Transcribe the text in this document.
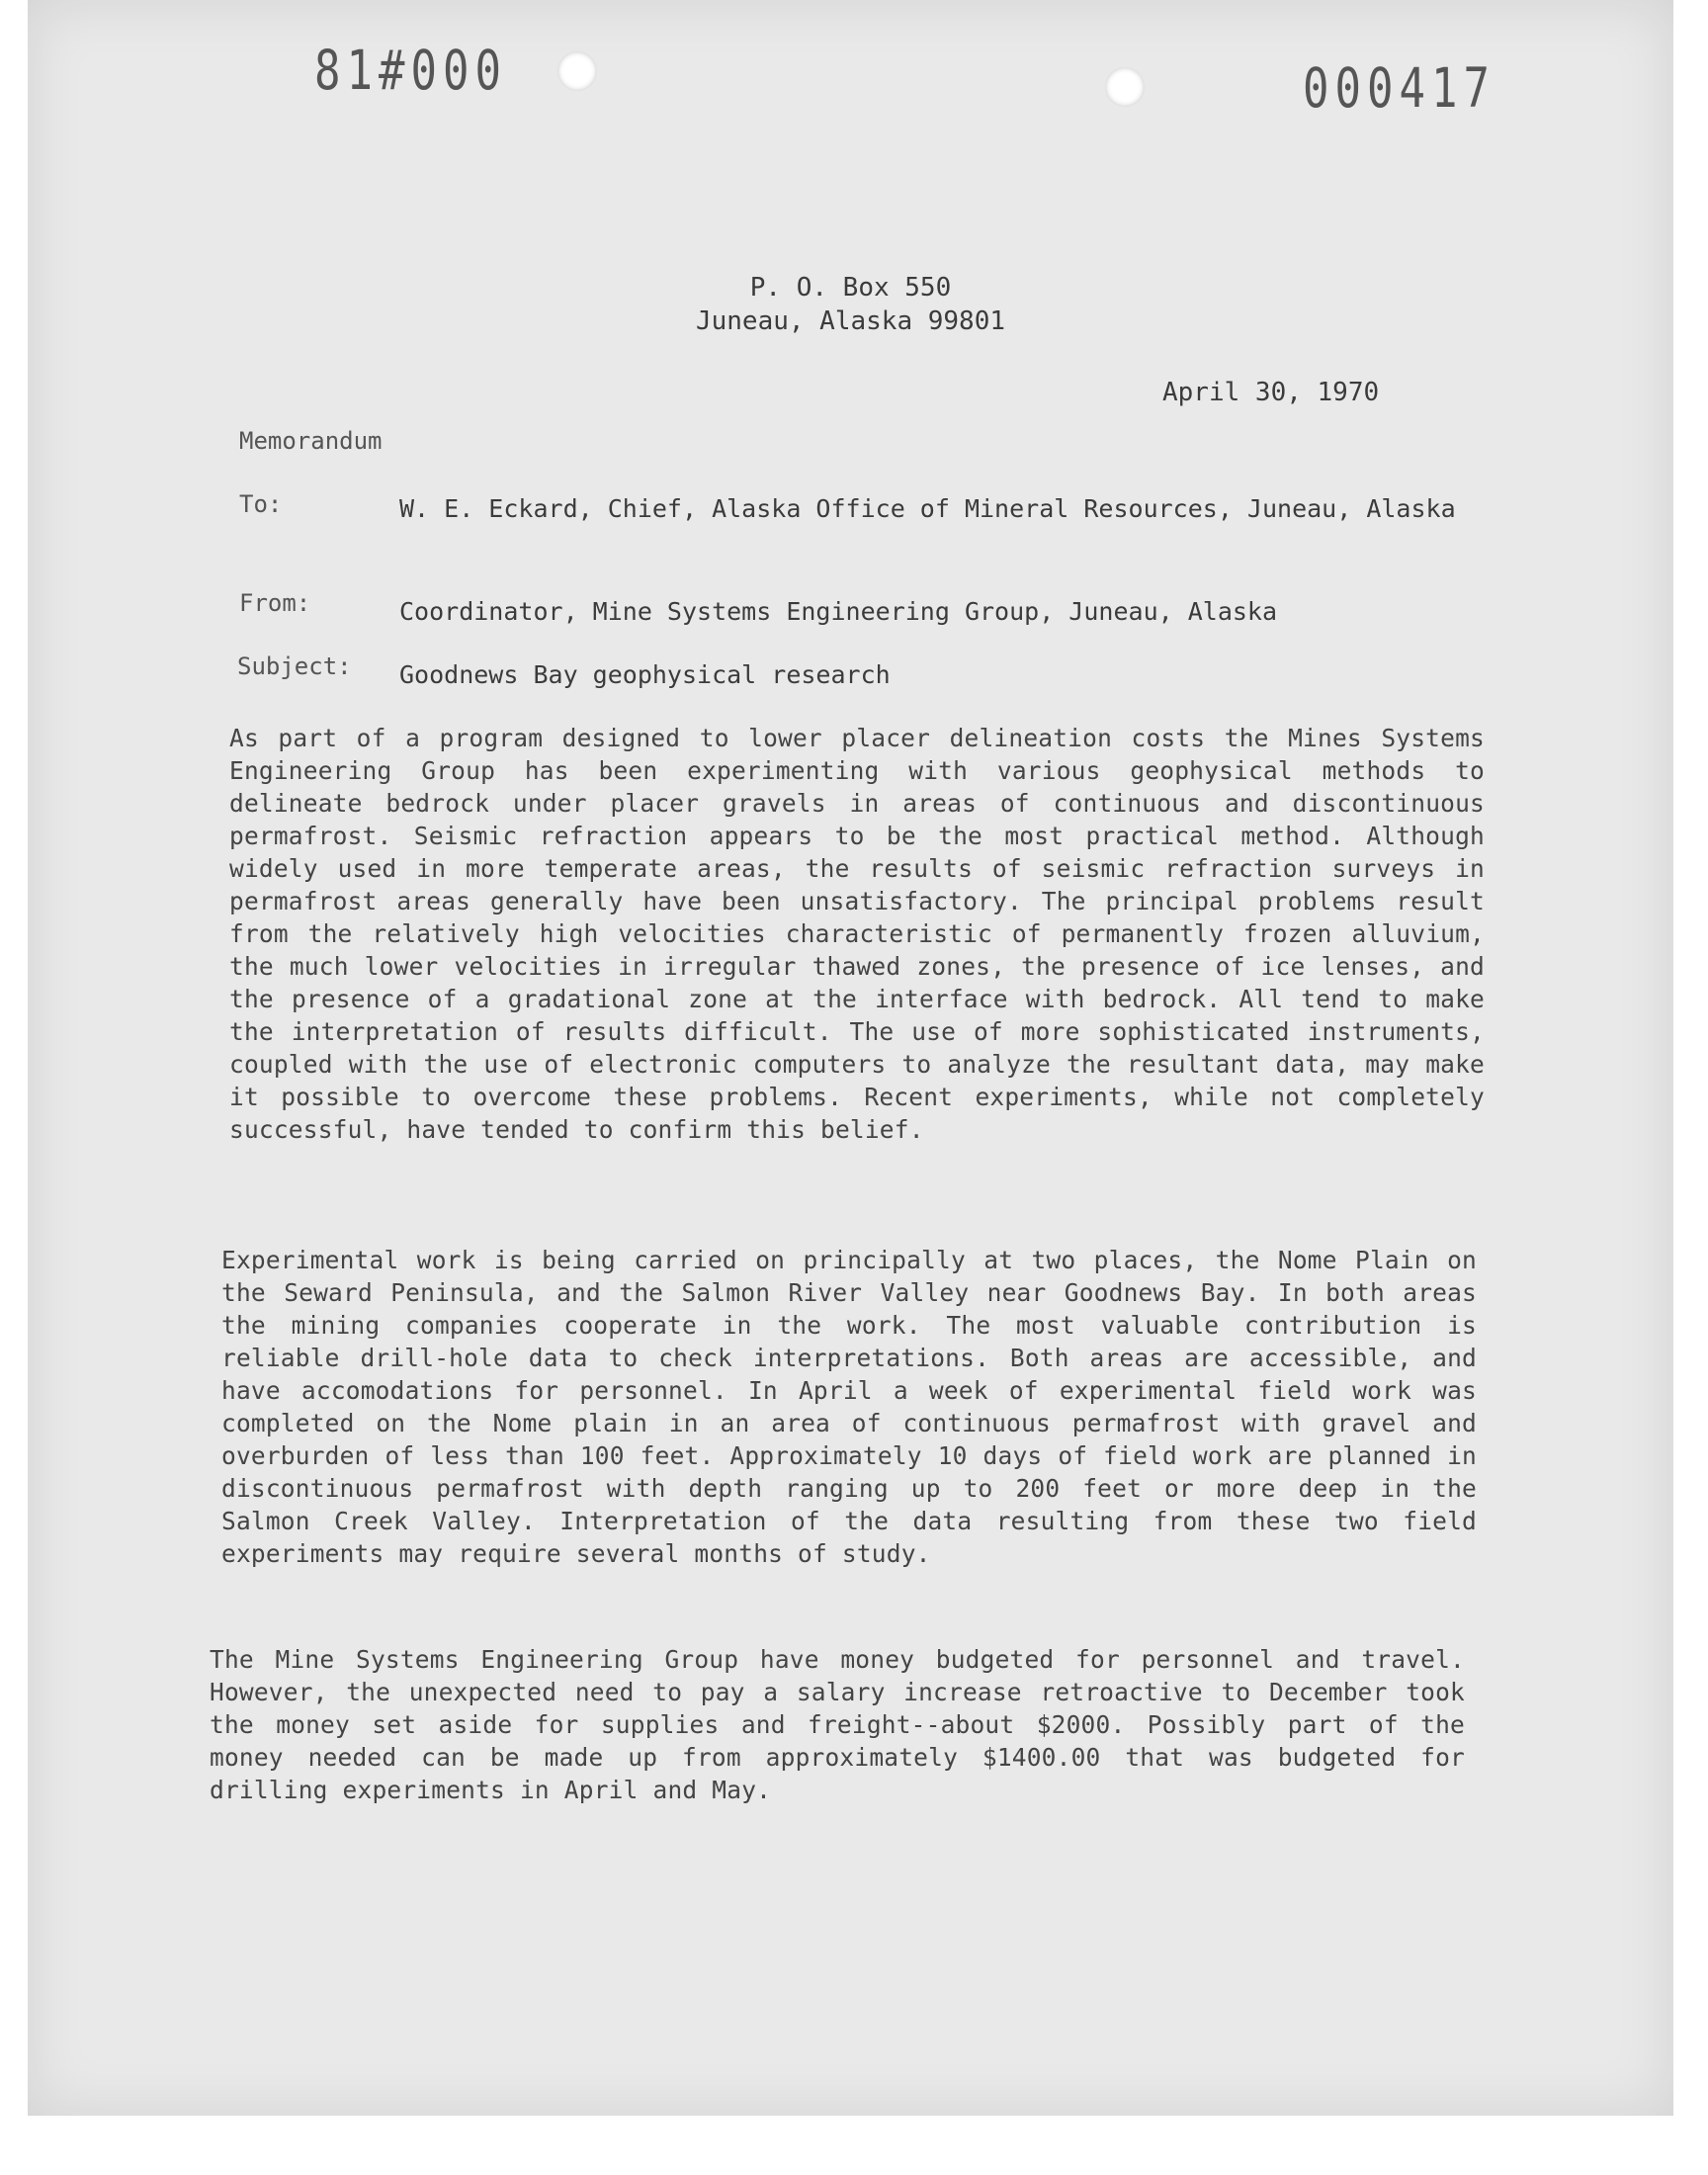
81#000	000417
P. O. Box 550
Juneau, Alaska 99801
April 30, 1970
Memorandum
To:	W. E. Eckard, Chief, Alaska Office of Mineral Resources, Juneau, Alaska
From:	Coordinator, Mine Systems Engineering Group, Juneau, Alaska
Subject: Goodnews Bay geophysical research
As part of a program designed to lower placer delineation costs the Mines Systems Engineering Group has been experimenting with various geophysical methods to delineate bedrock under placer gravels in areas of continuous and discontinuous permafrost. Seismic refraction appears to be the most practical method. Although widely used in more temperate areas, the results of seismic refraction surveys in permafrost areas generally have been unsatisfactory. The principal problems result from the relatively high velocities characteristic of permanently frozen alluvium, the much lower velocities in irregular thawed zones, the presence of ice lenses, and the presence of a gradational zone at the interface with bedrock. All tend to make the interpretation of results difficult. The use of more sophisticated instruments, coupled with the use of electronic computers to analyze the resultant data, may make it possible to overcome these problems. Recent experiments, while not completely successful, have tended to confirm this belief.
Experimental work is being carried on principally at two places, the Nome Plain on the Seward Peninsula, and the Salmon River Valley near Goodnews Bay. In both areas the mining companies cooperate in the work. The most valuable contribution is reliable drill-hole data to check interpretations. Both areas are accessible, and have accomodations for personnel. In April a week of experimental field work was completed on the Nome plain in an area of continuous permafrost with gravel and overburden of less than 100 feet. Approximately 10 days of field work are planned in discontinuous permafrost with depth ranging up to 200 feet or more deep in the Salmon Creek Valley. Interpretation of the data resulting from these two field experiments may require several months of study.
The Mine Systems Engineering Group have money budgeted for personnel and travel. However, the unexpected need to pay a salary increase retroactive to December took the money set aside for supplies and freight--about $2000. Possibly part of the money needed can be made up from approximately $1400.00 that was budgeted for drilling experiments in April and May.
